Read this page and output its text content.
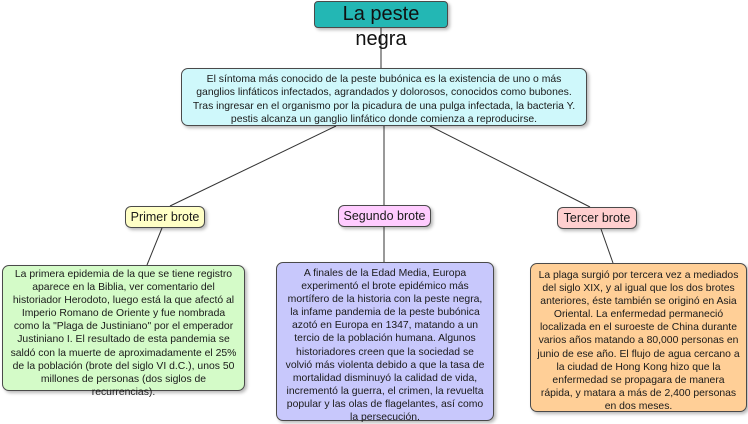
La peste negra
El síntoma más conocido de la peste bubónica es la existencia de uno o más ganglios linfáticos infectados, agrandados y dolorosos, conocidos como bubones. Tras ingresar en el organismo por la picadura de una pulga infectada, la bacteria Y. pestis alcanza un ganglio linfático donde comienza a reproducirse.
Primer brote	Segundo brote	Tercer brote
La primera epidemia de la que se tiene registro aparece en la Biblia, ver comentario del historiador Herodoto, luego está la que afectó al Imperio Romano de Oriente y fue nombrada como la "Plaga de Justiniano" por el emperador Justiniano I. El resultado de esta pandemia se saldó con la muerte de aproximadamente el 25% de la población (brote del siglo VI d.C.), unos 50 millones de personas (dos siglos de recurrencias).
A finales de la Edad Media, Europa experimentó el brote epidémico más mortífero de la historia con la peste negra, la infame pandemia de la peste bubónica azotó en Europa en 1347, matando a un tercio de la población humana. Algunos historiadores creen que la sociedad se volvió más violenta debido a que la tasa de mortalidad disminuyó la calidad de vida, incrementó la guerra, el crimen, la revuelta popular y las olas de flagelantes, así como la persecución.
La plaga surgió por tercera vez a mediados del siglo XIX, y al igual que los dos brotes anteriores, éste también se originó en Asia Oriental. La enfermedad permaneció localizada en el suroeste de China durante varios años matando a 80,000 personas en junio de ese año. El flujo de agua cercano a la ciudad de Hong Kong hizo que la enfermedad se propagara de manera rápida, y matara a más de 2,400 personas en dos meses.
